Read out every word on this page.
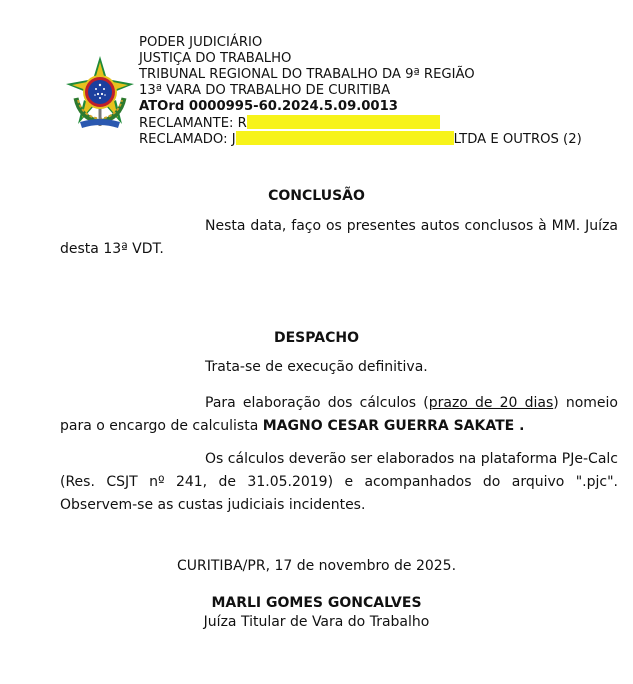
PODER JUDICIÁRIO
JUSTIÇA DO TRABALHO
TRIBUNAL REGIONAL DO TRABALHO DA 9ª REGIÃO
13ª VARA DO TRABALHO DE CURITIBA
ATOrd 0000995-60.2024.5.09.0013
RECLAMANTE: R
RECLAMADO: J	LTDA E OUTROS (2)
CONCLUSÃO
Nesta data, faço os presentes autos conclusos à MM. Juíza desta 13ª VDT.
DESPACHO
Trata-se de execução definitiva.
Para elaboração dos cálculos (prazo de 20 dias) nomeio para o encargo de calculista MAGNO CESAR GUERRA SAKATE .
Os cálculos deverão ser elaborados na plataforma PJe-Calc (Res. CSJT nº 241, de 31.05.2019) e acompanhados do arquivo ".pjc". Observem-se as custas judiciais incidentes.
CURITIBA/PR, 17 de novembro de 2025.
MARLI GOMES GONCALVES
Juíza Titular de Vara do Trabalho
